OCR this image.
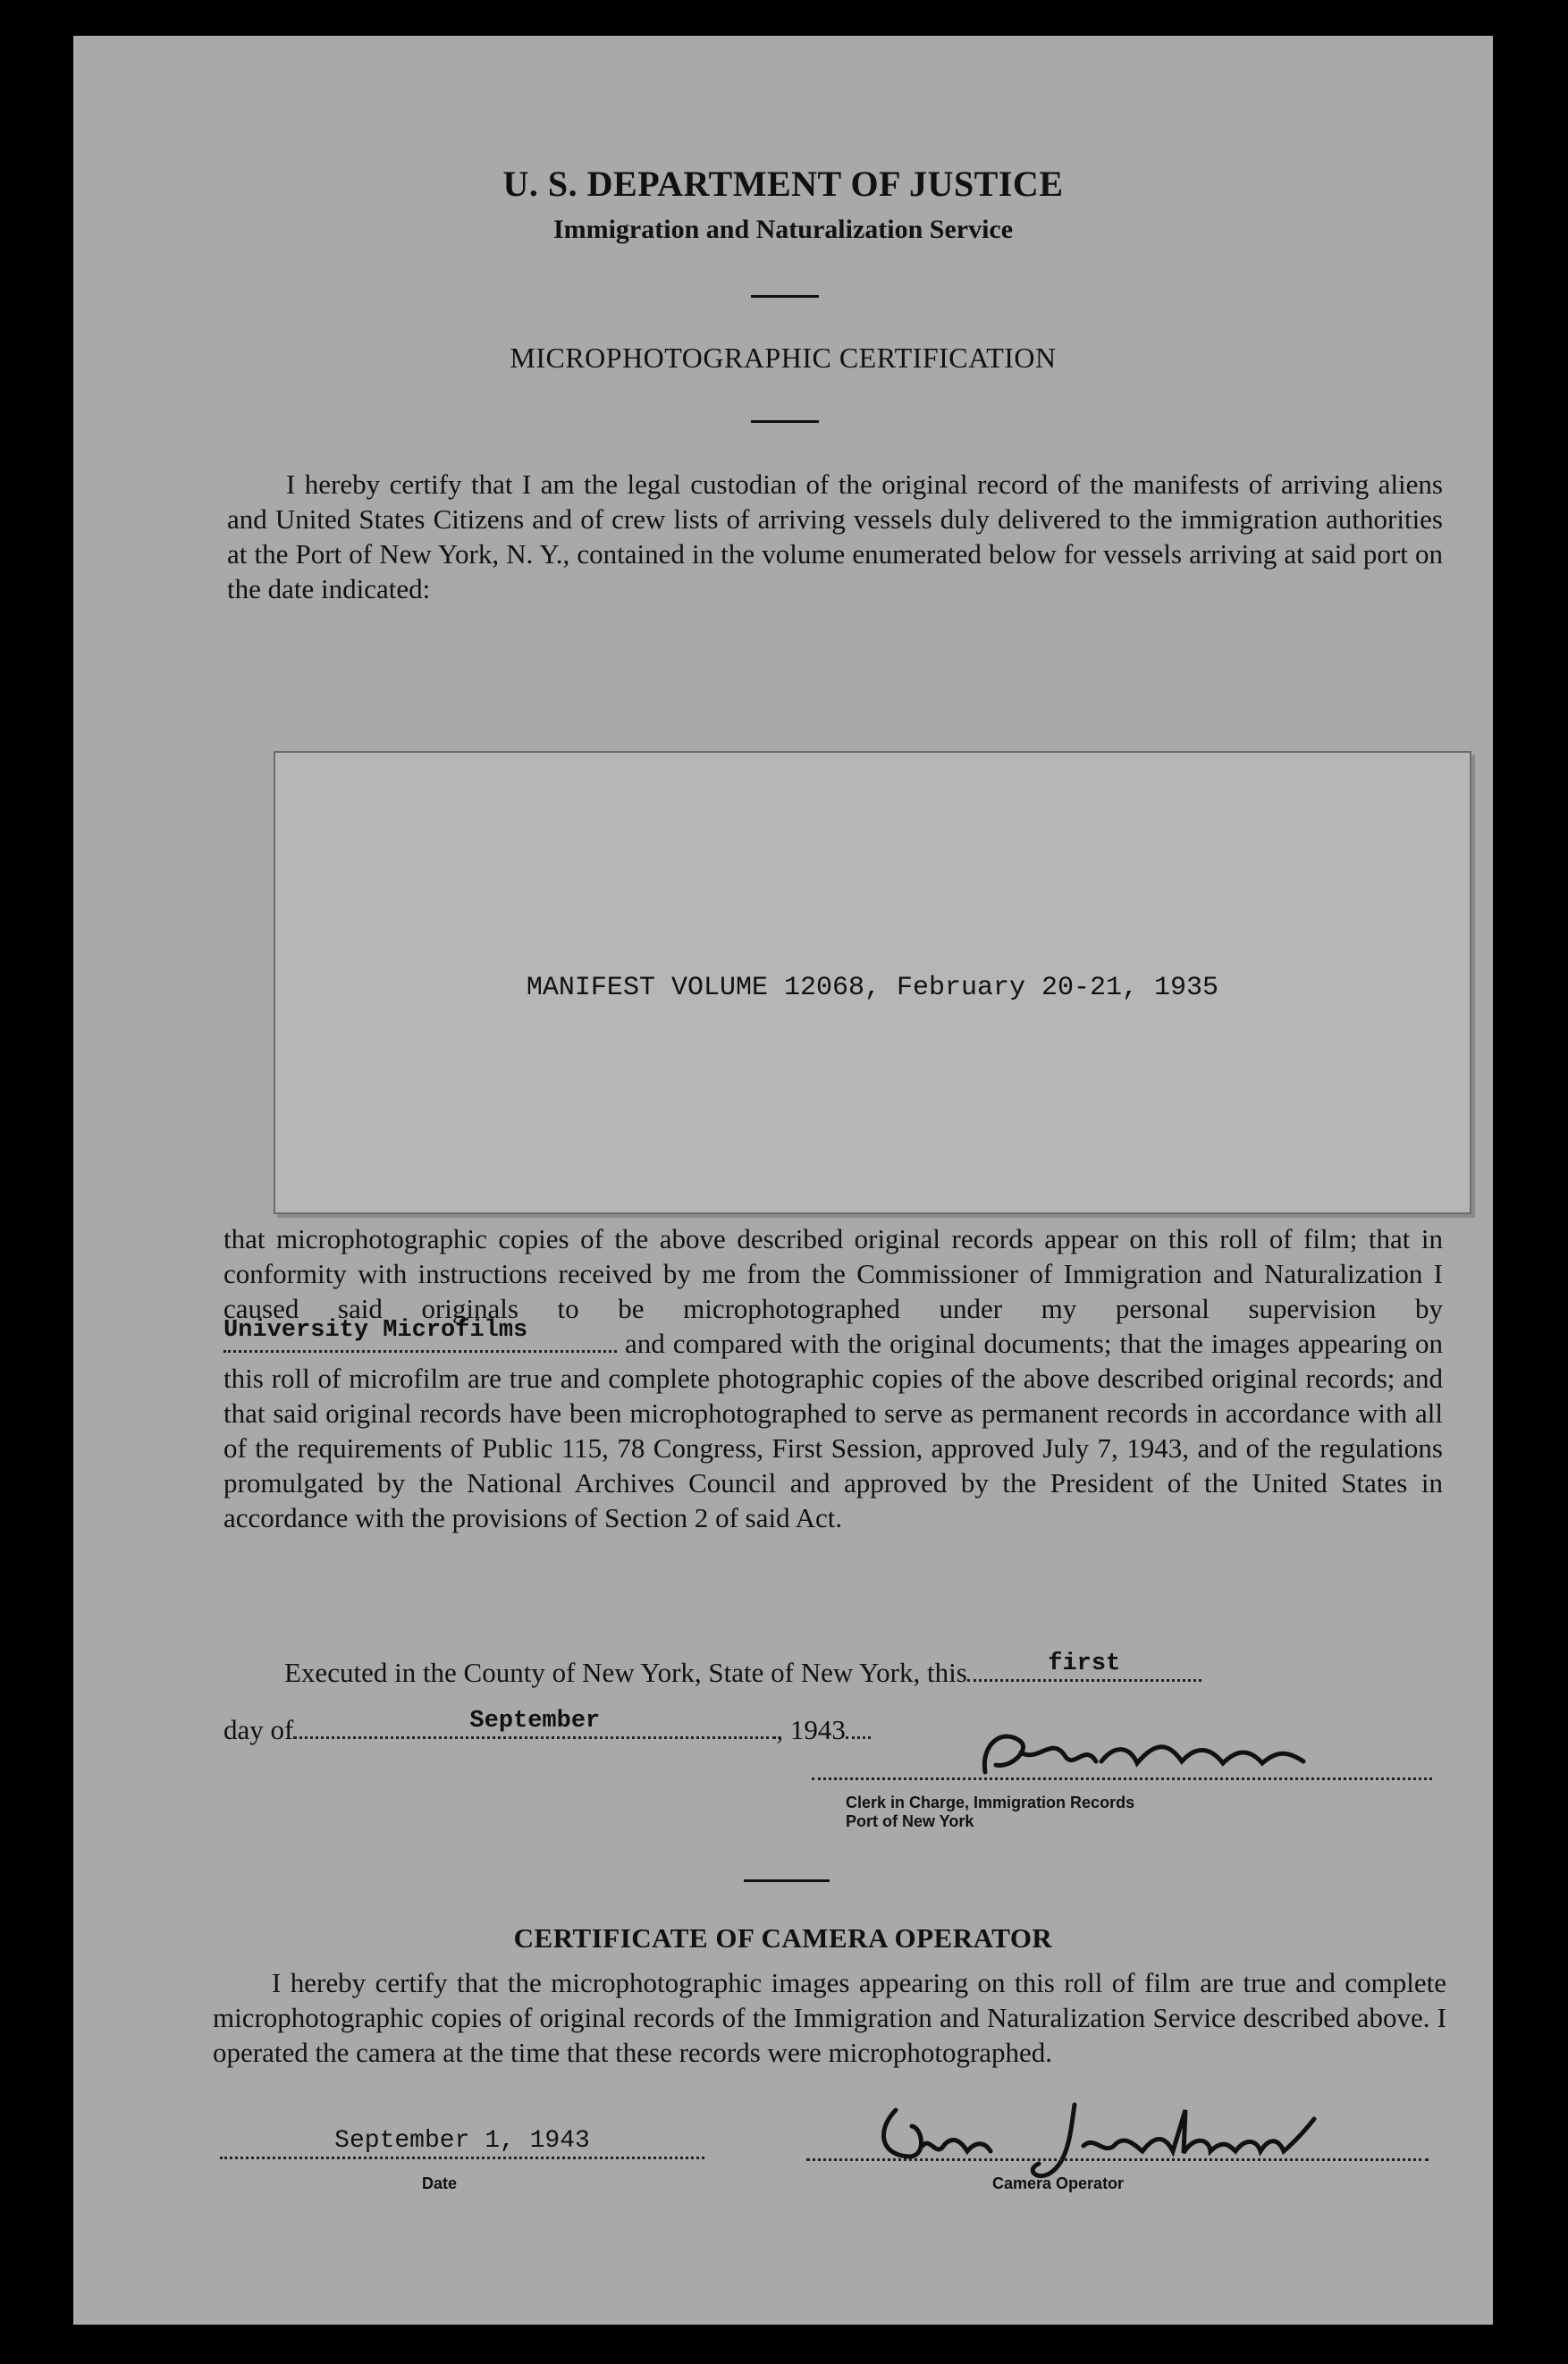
U. S. DEPARTMENT OF JUSTICE
Immigration and Naturalization Service
MICROPHOTOGRAPHIC CERTIFICATION
I hereby certify that I am the legal custodian of the original record of the manifests of arriving aliens and United States Citizens and of crew lists of arriving vessels duly delivered to the immigration authorities at the Port of New York, N. Y., contained in the volume enumerated below for vessels arriving at said port on the date indicated:
MANIFEST VOLUME 12068, February 20-21, 1935
that microphotographic copies of the above described original records appear on this roll of film; that in conformity with instructions received by me from the Commissioner of Immigration and Naturalization I caused said originals to be microphotographed under my personal supervision by
University Microfilms	and compared with the original documents; that the images appearing on this roll of microfilm are true and complete photographic copies of the above described original records; and that said original records have been microphotographed to serve as permanent records in accordance with all of the requirements of Public 115, 78 Congress, First Session, approved July 7, 1943, and of the regulations promulgated by the National Archives Council and approved by the President of the United States in accordance with the provisions of Section 2 of said Act.
Executed in the County of New York, State of New York, this	first
day of	September	, 1943
Clerk in Charge, Immigration Records
Port of New York
CERTIFICATE OF CAMERA OPERATOR
I hereby certify that the microphotographic images appearing on this roll of film are true and complete microphotographic copies of original records of the Immigration and Naturalization Service described above. I operated the camera at the time that these records were microphotographed.
September 1, 1943
Date	Camera Operator
